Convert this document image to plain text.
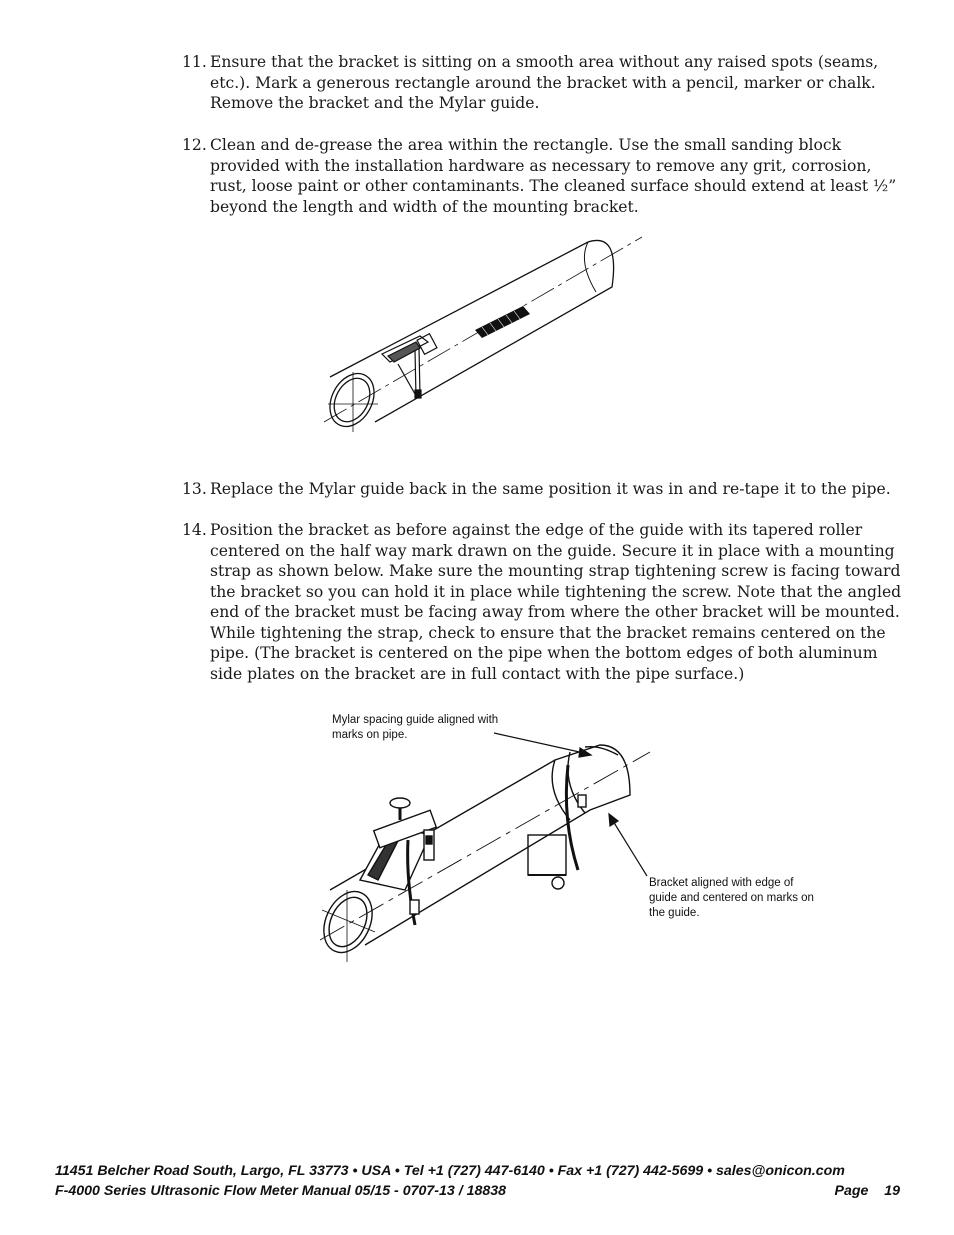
11. Ensure that the bracket is sitting on a smooth area without any raised spots (seams, etc.). Mark a generous rectangle around the bracket with a pencil, marker or chalk. Remove the bracket and the Mylar guide.
12. Clean and de-grease the area within the rectangle. Use the small sanding block provided with the installation hardware as necessary to remove any grit, corrosion, rust, loose paint or other contaminants. The cleaned surface should extend at least ½” beyond the length and width of the mounting bracket.
13. Replace the Mylar guide back in the same position it was in and re-tape it to the pipe.
14. Position the bracket as before against the edge of the guide with its tapered roller centered on the half way mark drawn on the guide. Secure it in place with a mounting strap as shown below. Make sure the mounting strap tightening screw is facing toward the bracket so you can hold it in place while tightening the screw. Note that the angled end of the bracket must be facing away from where the other bracket will be mounted. While tightening the strap, check to ensure that the bracket remains centered on the pipe. (The bracket is centered on the pipe when the bottom edges of both aluminum side plates on the bracket are in full contact with the pipe surface.)
Mylar spacing guide aligned with marks on pipe.
Bracket aligned with edge of guide and centered on marks on the guide.
11451 Belcher Road South, Largo, FL 33773 • USA • Tel +1 (727) 447-6140 • Fax +1 (727) 442-5699 • sales@onicon.com
F-4000 Series Ultrasonic Flow Meter Manual 05/15 - 0707-13 / 18838	Page 19
